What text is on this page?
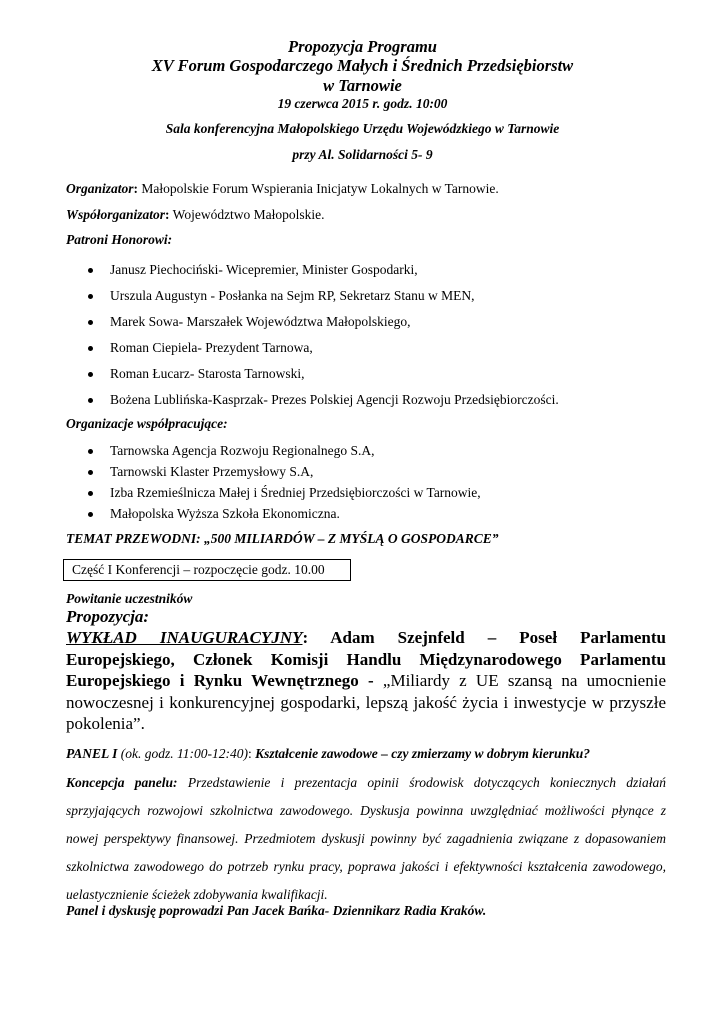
Propozycja Programu
XV Forum Gospodarczego Małych i Średnich Przedsiębiorstw
w Tarnowie
19 czerwca 2015 r. godz. 10:00
Sala konferencyjna Małopolskiego Urzędu Wojewódzkiego w Tarnowie
przy Al. Solidarności 5- 9
Organizator: Małopolskie Forum Wspierania Inicjatyw Lokalnych w Tarnowie.
Współorganizator: Województwo Małopolskie.
Patroni Honorowi:
Janusz Piechociński- Wicepremier, Minister Gospodarki,
Urszula Augustyn - Posłanka na Sejm RP, Sekretarz Stanu w MEN,
Marek Sowa- Marszałek Województwa Małopolskiego,
Roman Ciepiela- Prezydent Tarnowa,
Roman Łucarz- Starosta Tarnowski,
Bożena Lublińska-Kasprzak- Prezes Polskiej Agencji Rozwoju Przedsiębiorczości.
Organizacje współpracujące:
Tarnowska Agencja Rozwoju Regionalnego S.A,
Tarnowski Klaster Przemysłowy S.A,
Izba Rzemieślnicza Małej i Średniej Przedsiębiorczości w Tarnowie,
Małopolska Wyższa Szkoła Ekonomiczna.
TEMAT PRZEWODNI: „500 MILIARDÓW – Z MYŚLĄ O GOSPODARCE”
Część I Konferencji – rozpoczęcie godz. 10.00
Powitanie uczestników
Propozycja:
WYKŁAD INAUGURACYJNY: Adam Szejnfeld – Poseł Parlamentu Europejskiego, Członek Komisji Handlu Międzynarodowego Parlamentu Europejskiego i Rynku Wewnętrznego - „Miliardy z UE szansą na umocnienie nowoczesnej i konkurencyjnej gospodarki, lepszą jakość życia i inwestycje w przyszłe pokolenia”.
PANEL I (ok. godz. 11:00-12:40): Kształcenie zawodowe – czy zmierzamy w dobrym kierunku?
Koncepcja panelu: Przedstawienie i prezentacja opinii środowisk dotyczących koniecznych działań sprzyjających rozwojowi szkolnictwa zawodowego. Dyskusja powinna uwzględniać możliwości płynące z nowej perspektywy finansowej. Przedmiotem dyskusji powinny być zagadnienia związane z dopasowaniem szkolnictwa zawodowego do potrzeb rynku pracy, poprawa jakości i efektywności kształcenia zawodowego, uelastycznienie ścieżek zdobywania kwalifikacji.
Panel i dyskusję poprowadzi Pan Jacek Bańka- Dziennikarz Radia Kraków.
